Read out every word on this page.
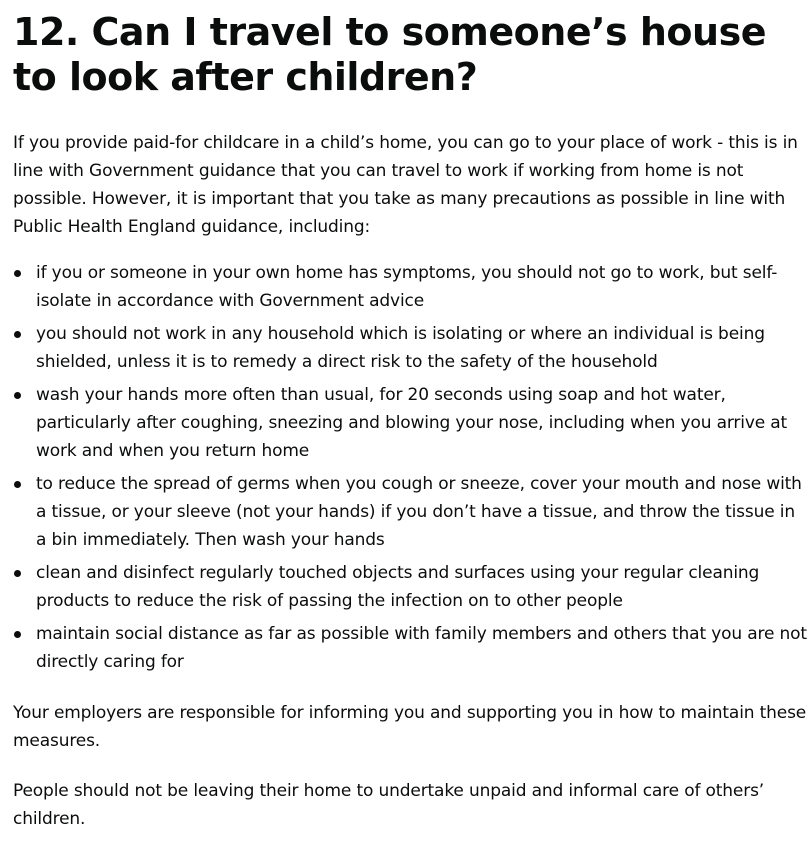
12. Can I travel to someone’s house to look after children?

If you provide paid-for childcare in a child’s home, you can go to your place of work - this is in line with Government guidance that you can travel to work if working from home is not possible. However, it is important that you take as many precautions as possible in line with Public Health England guidance, including:

if you or someone in your own home has symptoms, you should not go to work, but self-isolate in accordance with Government advice
you should not work in any household which is isolating or where an individual is being shielded, unless it is to remedy a direct risk to the safety of the household
wash your hands more often than usual, for 20 seconds using soap and hot water, particularly after coughing, sneezing and blowing your nose, including when you arrive at work and when you return home
to reduce the spread of germs when you cough or sneeze, cover your mouth and nose with a tissue, or your sleeve (not your hands) if you don’t have a tissue, and throw the tissue in a bin immediately. Then wash your hands
clean and disinfect regularly touched objects and surfaces using your regular cleaning products to reduce the risk of passing the infection on to other people
maintain social distance as far as possible with family members and others that you are not directly caring for

Your employers are responsible for informing you and supporting you in how to maintain these measures.

People should not be leaving their home to undertake unpaid and informal care of others’ children.
